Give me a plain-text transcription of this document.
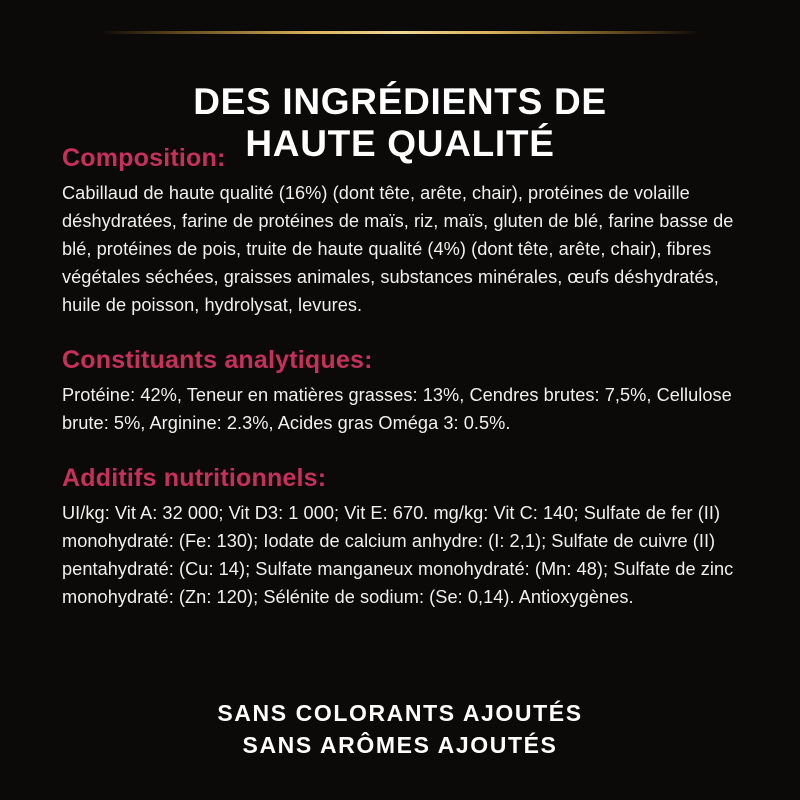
DES INGRÉDIENTS DE
HAUTE QUALITÉ
Composition:

Cabillaud de haute qualité (16%) (dont tête, arête, chair), protéines de volaille déshydratées, farine de protéines de maïs, riz, maïs, gluten de blé, farine basse de blé, protéines de pois, truite de haute qualité (4%) (dont tête, arête, chair), fibres végétales séchées, graisses animales, substances minérales, œufs déshydratés, huile de poisson, hydrolysat, levures.

Constituants analytiques:

Protéine: 42%, Teneur en matières grasses: 13%, Cendres brutes: 7,5%, Cellulose brute: 5%, Arginine: 2.3%, Acides gras Oméga 3: 0.5%.

Additifs nutritionnels:

UI/kg: Vit A: 32 000; Vit D3: 1 000; Vit E: 670. mg/kg: Vit C: 140; Sulfate de fer (II) monohydraté: (Fe: 130); Iodate de calcium anhydre: (I: 2,1); Sulfate de cuivre (II) pentahydraté: (Cu: 14); Sulfate manganeux monohydraté: (Mn: 48); Sulfate de zinc monohydraté: (Zn: 120); Sélénite de sodium: (Se: 0,14). Antioxygènes.

SANS COLORANTS AJOUTÉS
SANS ARÔMES AJOUTÉS
